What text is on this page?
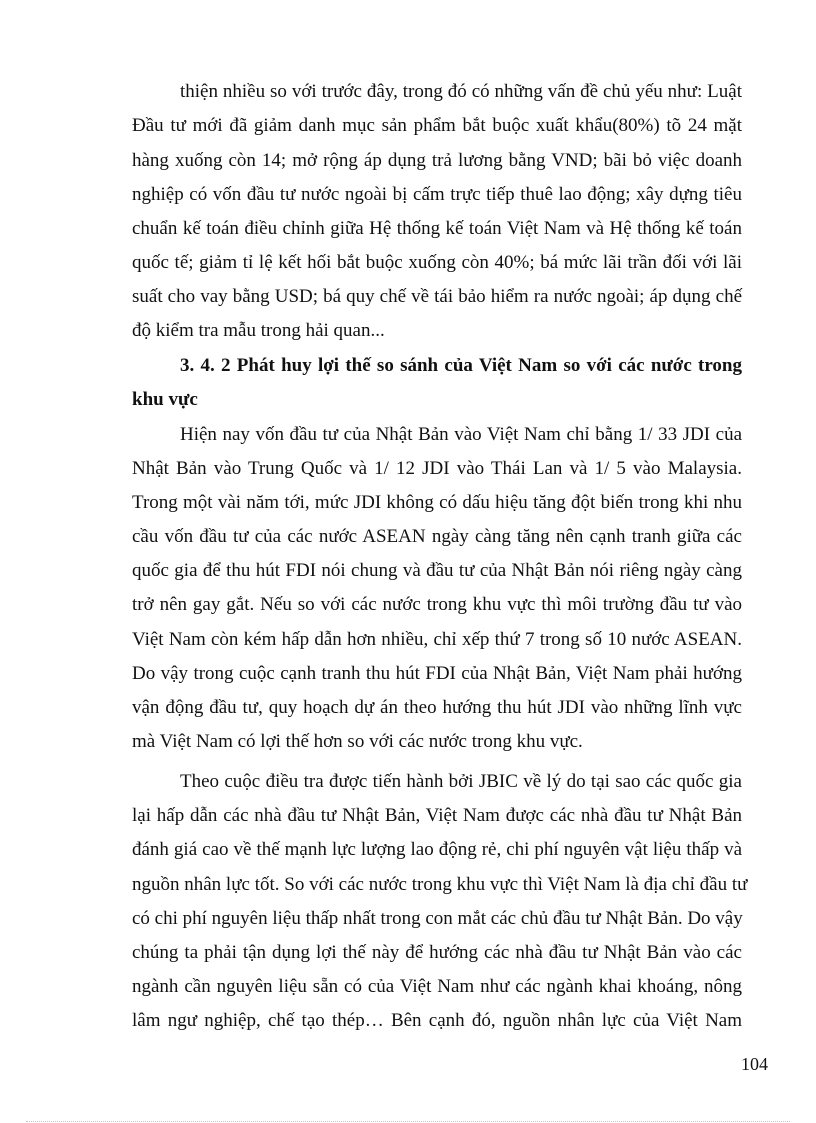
thiện nhiều so với trước đây, trong đó có những vấn đề chủ yếu như: Luật
Đầu tư mới đã giảm danh mục sản phẩm bắt buộc xuất khẩu(80%) tõ 24 mặt
hàng xuống còn 14; mở rộng áp dụng trả lương bằng VND; bãi bỏ việc doanh
nghiệp có vốn đầu tư nước ngoài bị cấm trực tiếp thuê lao động; xây dựng tiêu
chuẩn kế toán điều chỉnh giữa Hệ thống kế toán Việt Nam và Hệ thống kế toán
quốc tế; giảm tỉ lệ kết hối bắt buộc xuống còn 40%; bá mức lãi trần đối với lãi
suất cho vay bằng USD; bá quy chế về tái bảo hiểm ra nước ngoài; áp dụng chế
độ kiểm tra mẫu trong hải quan...
3. 4. 2 Phát huy lợi thế so sánh của Việt Nam so với các nước trong
khu vực
Hiện nay vốn đầu tư của Nhật Bản vào Việt Nam chỉ bằng 1/ 33 JDI của
Nhật Bản vào Trung Quốc và 1/ 12 JDI vào Thái Lan và 1/ 5 vào Malaysia.
Trong một vài năm tới, mức JDI không có dấu hiệu tăng đột biến trong khi nhu
cầu vốn đầu tư của các nước ASEAN ngày càng tăng nên cạnh tranh giữa các
quốc gia để thu hút FDI nói chung và đầu tư của Nhật Bản nói riêng ngày càng
trở nên gay gắt. Nếu so với các nước trong khu vực thì môi trường đầu tư vào
Việt Nam còn kém hấp dẫn hơn nhiều, chỉ xếp thứ 7 trong số 10 nước ASEAN.
Do vậy trong cuộc cạnh tranh thu hút FDI của Nhật Bản, Việt Nam phải hướng
vận động đầu tư, quy hoạch dự án theo hướng thu hút JDI vào những lĩnh vực
mà Việt Nam có lợi thế hơn so với các nước trong khu vực.
Theo cuộc điều tra được tiến hành bởi JBIC về lý do tại sao các quốc gia
lại hấp dẫn các nhà đầu tư Nhật Bản, Việt Nam được các nhà đầu tư Nhật Bản
đánh giá cao về thế mạnh lực lượng lao động rẻ, chi phí nguyên vật liệu thấp và
nguồn nhân lực tốt. So với các nước trong khu vực thì Việt Nam là địa chỉ đầu tư
có chi phí nguyên liệu thấp nhất trong con mắt các chủ đầu tư Nhật Bản. Do vậy
chúng ta phải tận dụng lợi thế này để hướng các nhà đầu tư Nhật Bản vào các
ngành cần nguyên liệu sẵn có của Việt Nam như các ngành khai khoáng, nông
lâm ngư nghiệp, chế tạo thép… Bên cạnh đó, nguồn nhân lực của Việt Nam
104
